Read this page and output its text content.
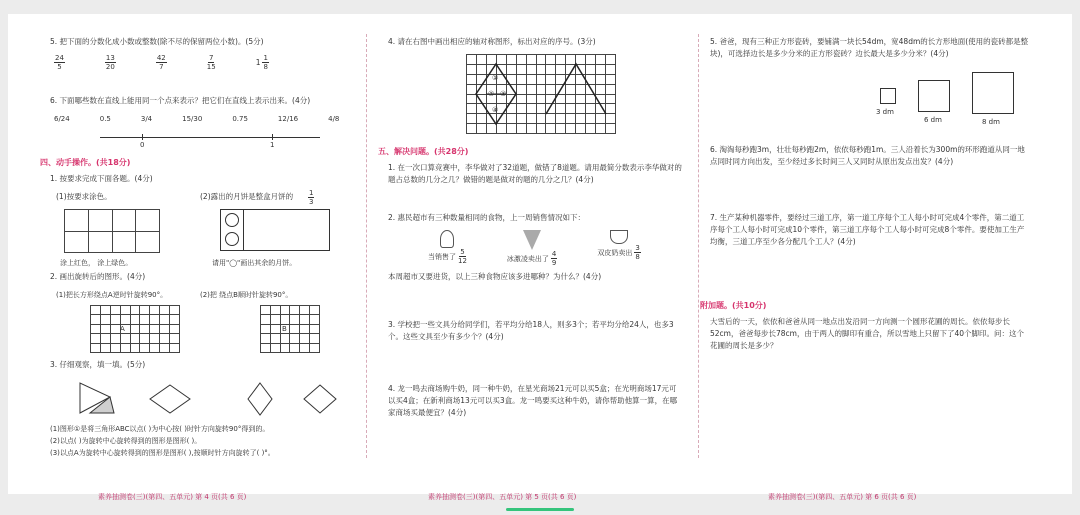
5. 把下面的分数化成小数或整数(除不尽的保留两位小数)。(5分)
$\frac{24}{5}$	$\frac{13}{20}$	$\frac{42}{7}$	$\frac{7}{15}$	$1 \frac{1}{8}$
6. 下面哪些数在直线上能用同一个点来表示？把它们在直线上表示出来。(4分)
6/24	0.5	3/4	15/30	0.75	12/16	4/8
0	1
四、动手操作。(共18分)
1. 按要求完成下面各题。(4分)
(1)按要求涂色。	(2)露出的月饼是整盒月饼的 $\frac{1}{3}$
涂上红色， 涂上绿色。	请用"◯"画出其余的月饼。
2. 画出旋转后的图形。(4分)
(1)把长方形绕点A逆时针旋转90°。	(2)把 绕点B顺时针旋转90°。
A	B
3. 仔细观察，填一填。(5分)
(1)图形①是将三角形ABC以点( )为中心按( )时针方向旋转90°得到的。
(2)以点( )为旋转中心旋转得到的图形是图形( )。
(3)以点A为旋转中心旋转得到的图形是图形( ),按顺时针方向旋转了( )°。
素养抽测卷(三)(第四、五单元) 第 4 页(共 6 页)
4. 请在右图中画出相应的轴对称图形，标出对应的序号。(3分)
①
② ③
④
五、解决问题。(共28分)
1. 在一次口算竞赛中，李华做对了32道题，做错了8道题。请用最简分数表示李华做对的题占总数的几分之几？做错的题是做对的题的几分之几？(4分)
2. 惠民超市有三种数量相同的食物，上一周销售情况如下：
当销售了 $\frac{5}{12}$	冰激凌卖出了 $\frac{4}{9}$	双皮奶卖出 $\frac{3}{8}$
本周超市又要进货，以上三种食物应该多进哪种？为什么？(4分)
3. 学校把一些文具分给同学们，若平均分给18人，则多3个；若平均分给24人，也多3个。这些文具至少有多少个？(4分)
4. 龙一鸣去商场购牛奶，同一种牛奶，在星光商场21元可以买5盒；在光明商场17元可以买4盒；在新利商场13元可以买3盒。龙一鸣要买这种牛奶，请你帮助他算一算，在哪家商场买最便宜？(4分)
素养抽测卷(三)(第四、五单元) 第 5 页(共 6 页)
5. 爸爸，现有三种正方形瓷砖，要铺满一块长54dm，宽48dm的长方形地面(使用的瓷砖都是整块)，可选择边长是多少分米的正方形瓷砖？边长最大是多少分米？(4分)
3 dm
6 dm	8 dm
6. 淘淘每秒跑3m，壮壮每秒跑2m，依依每秒跑1m。三人沿着长为300m的环形跑道从同一地点同时同方向出发，至少经过多长时间三人又同时从原出发点出发？(4分)
7. 生产某种机器零件，要经过三道工序，第一道工序每个工人每小时可完成4个零件，第二道工序每个工人每小时可完成10个零件，第三道工序每个工人每小时可完成8个零件。要使加工生产均衡，三道工序至少各分配几个工人？(4分)
附加题。(共10分)
大雪后的一天，依依和爸爸从同一地点出发沿同一方向测一个圆形花圃的周长。依依每步长52cm，爸爸每步长78cm，由于两人的脚印有重合，所以雪地上只留下了40个脚印。问：这个花圃的周长是多少？
素养抽测卷(三)(第四、五单元) 第 6 页(共 6 页)
